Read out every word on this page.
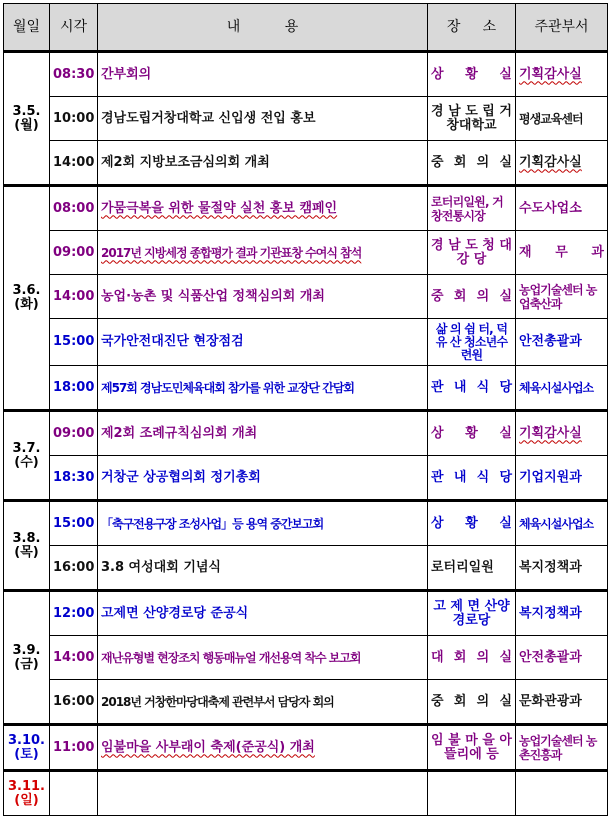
월일	시각	내          용	장     소	주관부서
3.5.
(월)	08:30	간부회의	상 황 실	기획감사실
	10:00	경남도립거창대학교 신입생 전입 홍보	경 남 도 립 거창대학교	평생교육센터
	14:00	제2회 지방보조금심의회 개최	중 회 의 실	기획감사실
3.6.
(화)	08:00	가뭄극복을 위한 물절약 실천 홍보 캠페인	로터리일원, 거창전통시장	수도사업소
	09:00	2017년 지방세정 종합평가 결과 기관표창 수여식 참석	경 남 도 청 대 강 당	재 무 과
	14:00	농업·농촌 및 식품산업 정책심의회 개최	중 회 의 실	농업기술센터 농업축산과
	15:00	국가안전대진단 현장점검	삶 의 쉼 터, 덕 유 산 청소년수련원	안전총괄과
	18:00	제57회 경남도민체육대회 참가를 위한 교장단 간담회	관 내 식 당	체육시설사업소
3.7.
(수)	09:00	제2회 조례규칙심의회 개최	상 황 실	기획감사실
	18:30	거창군 상공협의회 정기총회	관 내 식 당	기업지원과
3.8.
(목)	15:00	「축구전용구장 조성사업」등 용역 중간보고회	상 황 실	체육시설사업소
	16:00	3.8 여성대회 기념식	로터리일원	복지정책과
3.9.
(금)	12:00	고제면 산양경로당 준공식	고 제 면 산양경로당	복지정책과
	14:00	재난유형별 현장조치 행동매뉴얼 개선용역 착수 보고회	대 회 의 실	안전총괄과
	16:00	2018년 거창한마당대축제 관련부서 담당자 회의	중 회 의 실	문화관광과
3.10.
(토)	11:00	임불마을 사부래이 축제(준공식) 개최	임 불 마 을 아뜰리에 등	농업기술센터 농촌진흥과
3.11.
(일)				
